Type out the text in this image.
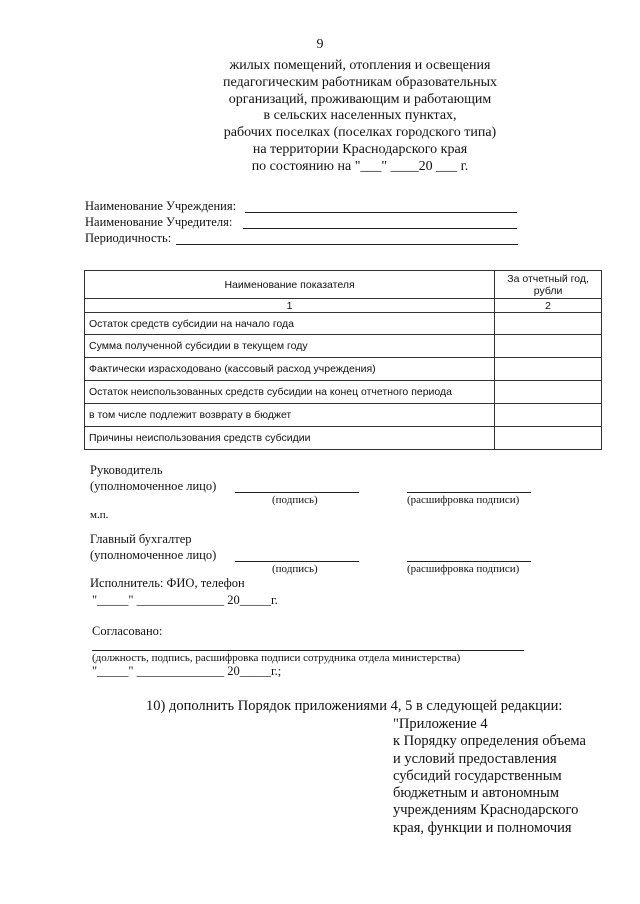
9
жилых помещений, отопления и освещения
педагогическим работникам образовательных
организаций, проживающим и работающим
в сельских населенных пунктах,
рабочих поселках (поселках городского типа)
на территории Краснодарского края
по состоянию на "___" ____20 ___ г.
Наименование Учреждения:
Наименование Учредителя:
Периодичность:
Наименование показателя	За отчетный год, рубли
1	2
Остаток средств субсидии на начало года	
Сумма полученной субсидии в текущем году	
Фактически израсходовано (кассовый расход учреждения)	
Остаток неиспользованных средств субсидии на конец отчетного периода	
в том числе подлежит возврату в бюджет	
Причины неиспользования средств субсидии	
Руководитель
(уполномоченное лицо)
(подпись)	(расшифровка подписи)
м.п.
Главный бухгалтер
(уполномоченное лицо)
(подпись)	(расшифровка подписи)
Исполнитель: ФИО, телефон
"_____" ______________ 20_____г.
Согласовано:
(должность, подпись, расшифровка подписи сотрудника отдела министерства)
"_____" ______________ 20_____г.;
10) дополнить Порядок приложениями 4, 5 в следующей редакции:
"Приложение 4
к Порядку определения объема
и условий предоставления
субсидий государственным
бюджетным и автономным
учреждениям Краснодарского
края, функции и полномочия
